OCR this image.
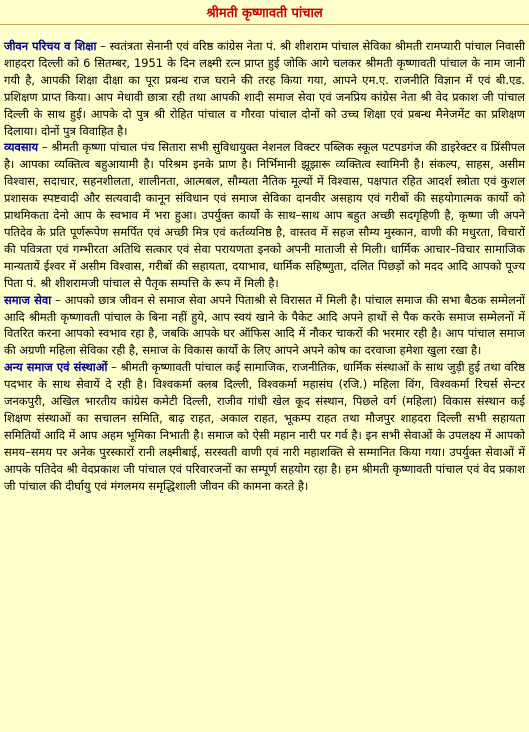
श्रीमती कृष्णावती पांचाल

जीवन परिचय व शिक्षा – स्वतंत्रता सेनानी एवं वरिष्ठ कांग्रेस नेता पं. श्री शीशराम पांचाल सेविका श्रीमती रामप्यारी पांचाल निवासी शाहदरा दिल्ली को 6 सितम्बर, 1951 के दिन लक्ष्मी रत्न प्राप्त हुई जोकि आगे चलकर श्रीमती कृष्णावती पांचाल के नाम जानी गयी है, आपकी शिक्षा दीक्षा का पूरा प्रबन्ध राज घराने की तरह किया गया, आपने एम.ए. राजनीति विज्ञान में एवं बी.एड. प्रशिक्षण प्राप्त किया। आप मेधावी छात्रा रही तथा आपकी शादी समाज सेवा एवं जनप्रिय कांग्रेस नेता श्री वेद प्रकाश जी पांचाल दिल्ली के साथ हुई। आपके दो पुत्र श्री रोहित पांचाल व गौरवा पांचाल दोनों को उच्च शिक्षा एवं प्रबन्ध मैनेजमेंट का प्रशिक्षण दिलाया। दोनों पुत्र विवाहित है।

व्यवसाय – श्रीमती कृष्णा पांचाल पंच सितारा सभी सुविधायुक्त नेशनल विक्टर पब्लिक स्कूल पटपडगंज की डाइरेक्टर व प्रिंसीपल है। आपका व्यक्तित्व बहुआयामी है। परिश्रम इनके प्राण है। निर्भिमानी झूझारू व्यक्तित्व स्वामिनी है। संकल्प, साहस, असीम विश्वास, सदाचार, सहनशीलता, शालीनता, आत्मबल, सौम्यता नैतिक मूल्यों में विश्वास, पक्षपात रहित आदर्श स्त्रोता एवं कुशल प्रशासक स्पष्टवादी और सत्यवादी कानून संविधान एवं समाज सेविका दानवीर असहाय एवं गरीबों की सहयोगात्मक कार्यो को प्राथमिकता देनो आप के स्वभाव में भरा हुआ। उपर्युक्त कार्यो के साथ–साथ आप बहुत अच्छी सदगृहिणी है, कृष्णा जी अपने पतिदेव के प्रति पूर्णरूपेण समर्पित एवं अच्छी मित्र एवं कर्तव्यनिष्ठ है, वास्तव में सहज सौम्य मुस्कान, वाणी की मधुरता, विचारों की पवित्रता एवं गम्भीरता अतिथि सत्कार एवं सेवा परायणता इनको अपनी माताजी से मिली। धार्मिक आचार–विचार सामाजिक मान्यतायें ईश्वर में असीम विश्वास, गरीबों की सहायता, दयाभाव, धार्मिक सहिष्णुता, दलित पिछड़ों को मदद आदि आपको पूज्य पिता पं. श्री शीशरामजी पांचाल से पैतृक सम्पत्ति के रूप में मिली है।

समाज सेवा – आपको छात्र जीवन से समाज सेवा अपने पिताश्री से विरासत में मिली है। पांचाल समाज की सभा बैठक सम्मेलनों आदि श्रीमती कृष्णावती पांचाल के बिना नहीं हुये, आप स्वयं खाने के पैकेट आदि अपने हाथों से पैक करके समाज सम्मेलनों में वितरित करना आपको स्वभाव रहा है, जबकि आपके घर ऑफिस आदि में नौकर चाकरों की भरमार रही है। आप पांचाल समाज की अग्रणी महिला सेविका रही है, समाज के विकास कार्यो के लिए आपने अपने कोष का दरवाजा हमेशा खुला रखा है।

अन्य समाज एवं संस्थाओं – श्रीमती कृष्णावती पांचाल कई सामाजिक, राजनीतिक, धार्मिक संस्थाओं के साथ जुड़ी हुई तथा वरिष्ठ पदभार के साथ सेवायें दे रही है। विश्वकर्मा क्लब दिल्ली, विश्वकर्मा महासंघ (रजि.) महिला विंग, विश्वकर्मा रिचर्स सेन्टर जनकपुरी, अखिल भारतीय कांग्रेस कमेटी दिल्ली, राजीव गांधी खेल कूद संस्थान, पिछले वर्ग (महिला) विकास संस्थान कई शिक्षण संस्थाओं का सचालन समिति, बाढ़ राहत, अकाल राहत, भूकम्प राहत तथा मौजपुर शाहदरा दिल्ली सभी सहायता समितियों आदि में आप अहम भूमिका निभाती है। समाज को ऐसी महान नारी पर गर्व है। इन सभी सेवाओं के उपलक्ष्य में आपको समय–समय पर अनेक पुरस्कारों रानी लक्ष्मीबाई, सरस्वती वाणी एवं नारी महाशक्ति से सम्मानित किया गया। उपर्युक्त सेवाओं में आपके पतिदेव श्री वेदप्रकाश जी पांचाल एवं परिवारजनों का सम्पूर्ण सहयोग रहा है। हम श्रीमती कृष्णावती पांचाल एवं वेद प्रकाश जी पांचाल की दीर्घायु एवं मंगलमय समृद्धिशाली जीवन की कामना करते है।
